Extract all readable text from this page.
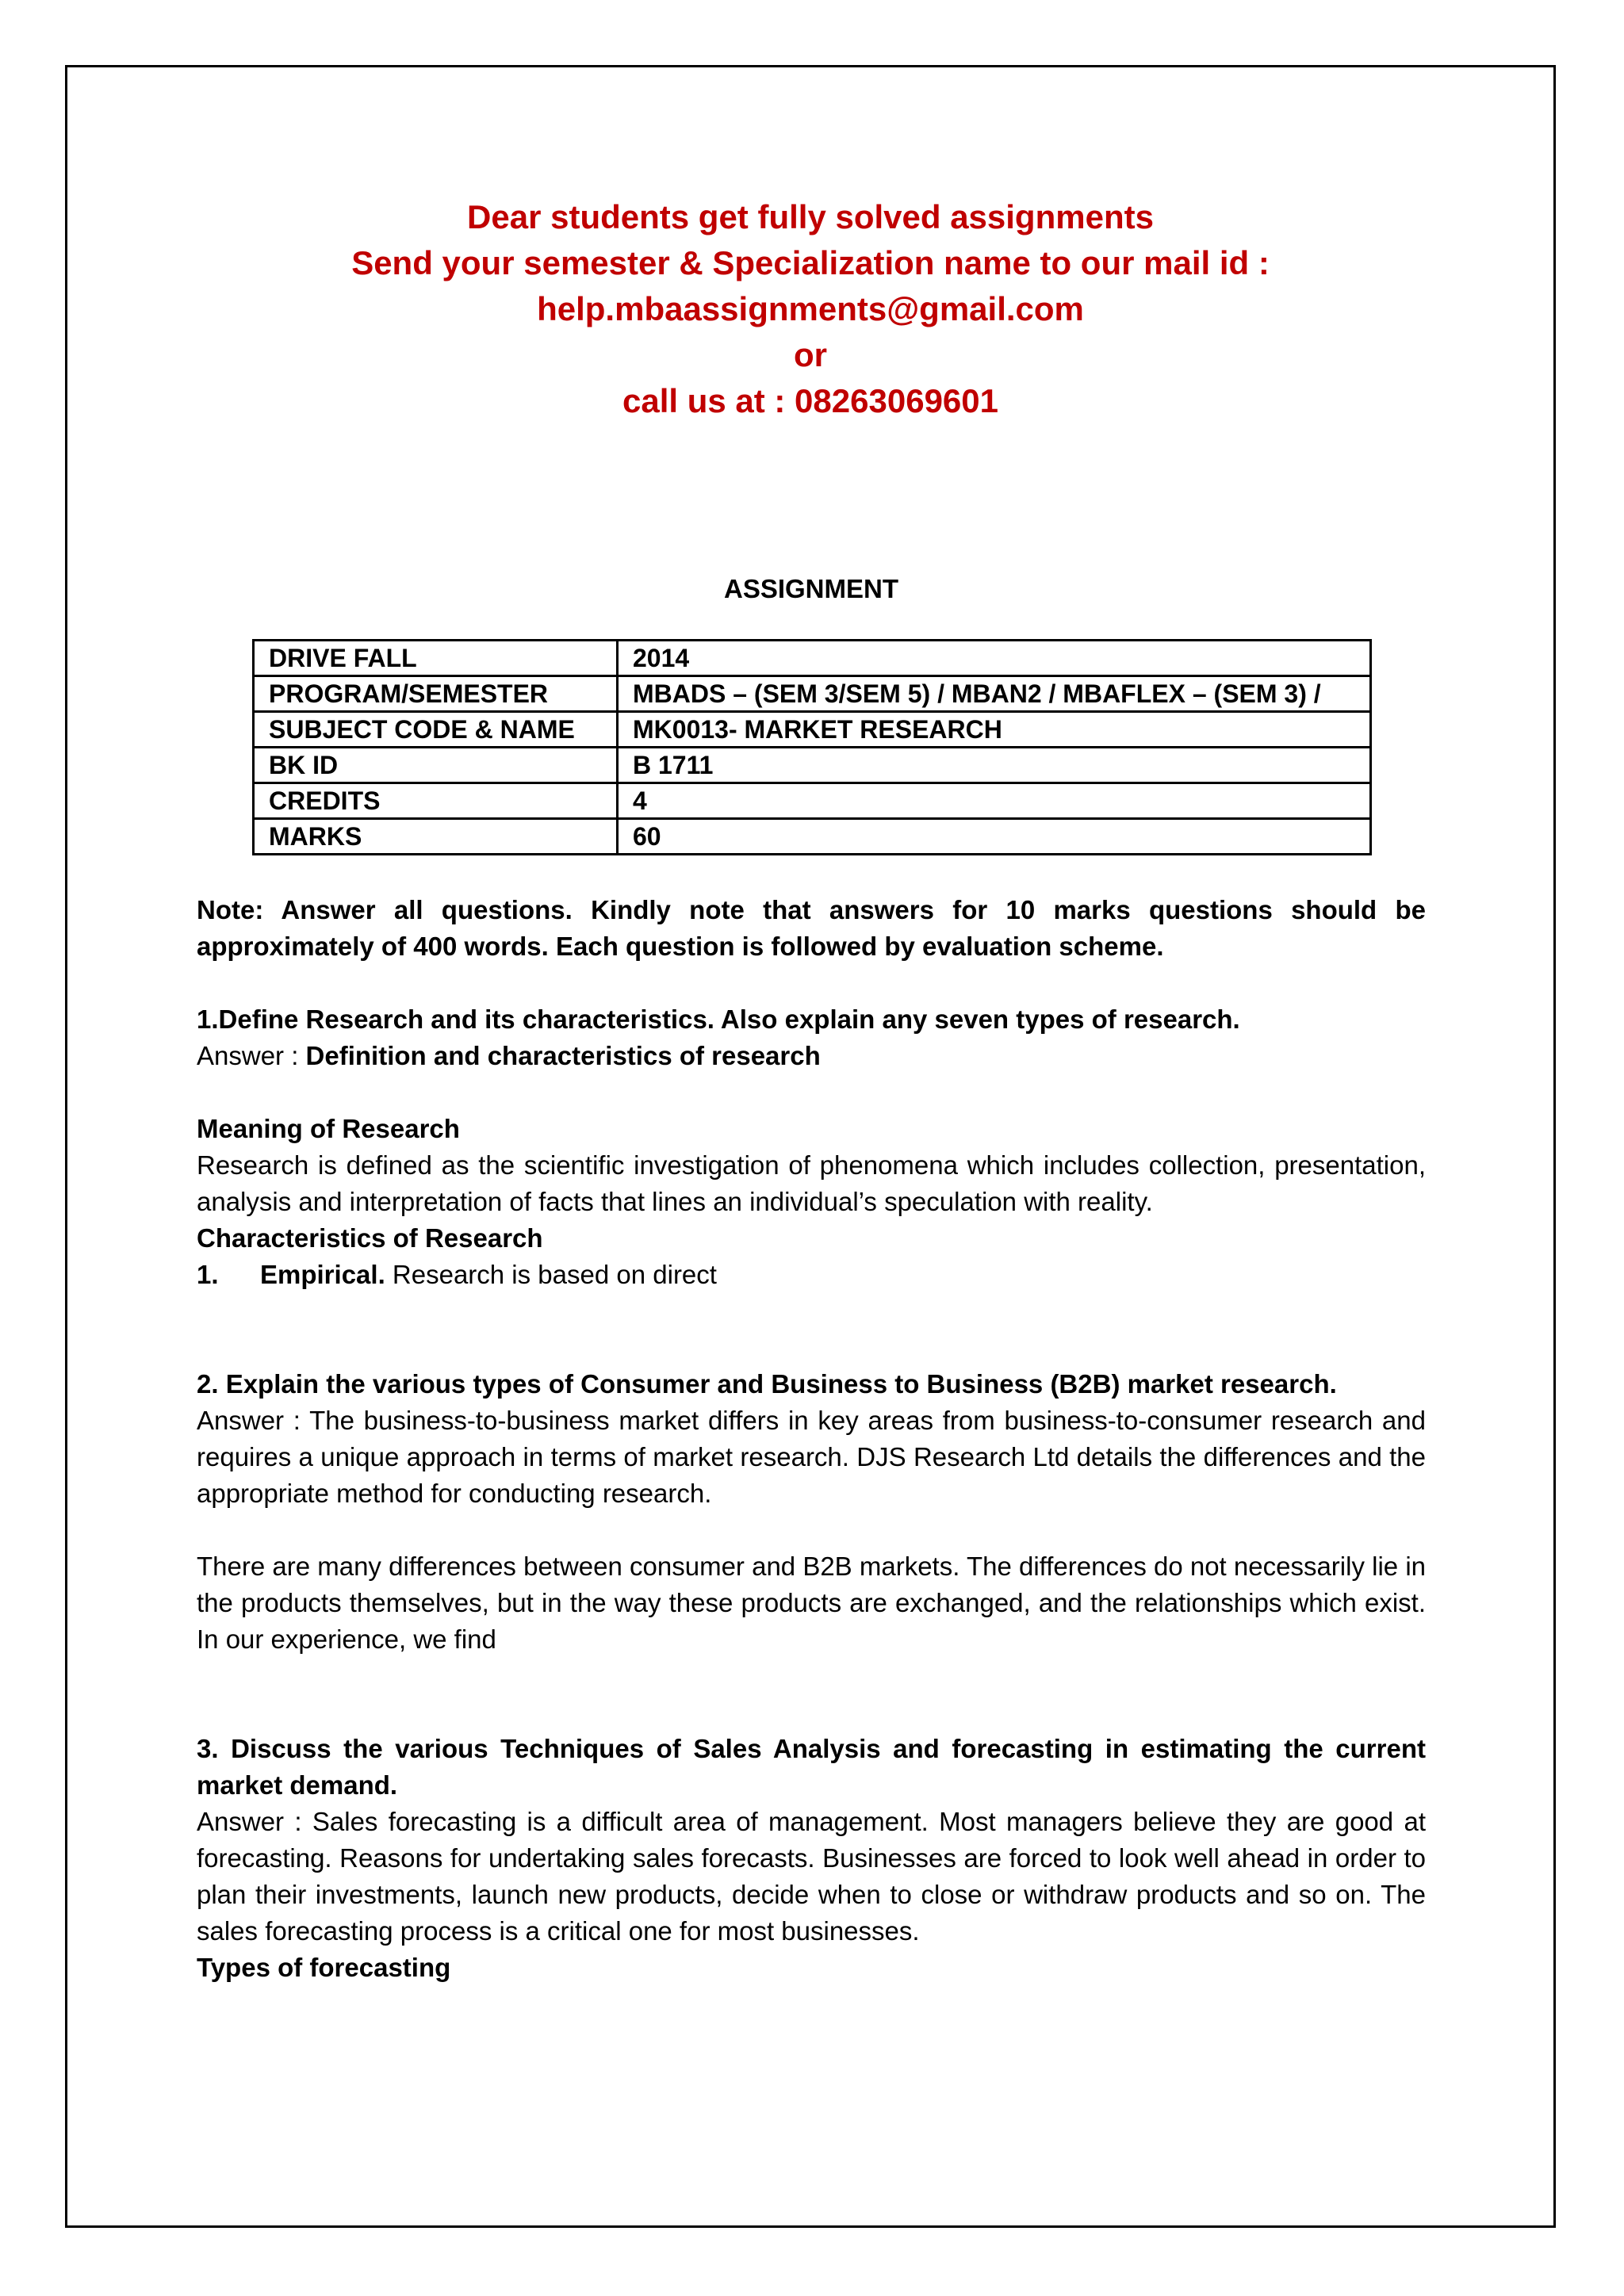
Dear students get fully solved assignments
Send your semester & Specialization name to our mail id :
help.mbaassignments@gmail.com
or
call us at : 08263069601
ASSIGNMENT
DRIVE FALL	2014
PROGRAM/SEMESTER	MBADS – (SEM 3/SEM 5) / MBAN2 / MBAFLEX – (SEM 3) /
SUBJECT CODE & NAME	MK0013- MARKET RESEARCH
BK ID	B 1711
CREDITS	4
MARKS	60
Note: Answer all questions. Kindly note that answers for 10 marks questions should be approximately of 400 words. Each question is followed by evaluation scheme.
1.Define Research and its characteristics. Also explain any seven types of research.
Answer : Definition and characteristics of research
Meaning of Research
Research is defined as the scientific investigation of phenomena which includes collection, presentation, analysis and interpretation of facts that lines an individual’s speculation with reality.
Characteristics of Research
1. Empirical. Research is based on direct
2. Explain the various types of Consumer and Business to Business (B2B) market research.
Answer : The business-to-business market differs in key areas from business-to-consumer research and requires a unique approach in terms of market research. DJS Research Ltd details the differences and the appropriate method for conducting research.
There are many differences between consumer and B2B markets. The differences do not necessarily lie in the products themselves, but in the way these products are exchanged, and the relationships which exist. In our experience, we find
3. Discuss the various Techniques of Sales Analysis and forecasting in estimating the current market demand.
Answer : Sales forecasting is a difficult area of management. Most managers believe they are good at forecasting. Reasons for undertaking sales forecasts. Businesses are forced to look well ahead in order to plan their investments, launch new products, decide when to close or withdraw products and so on. The sales forecasting process is a critical one for most businesses.
Types of forecasting
